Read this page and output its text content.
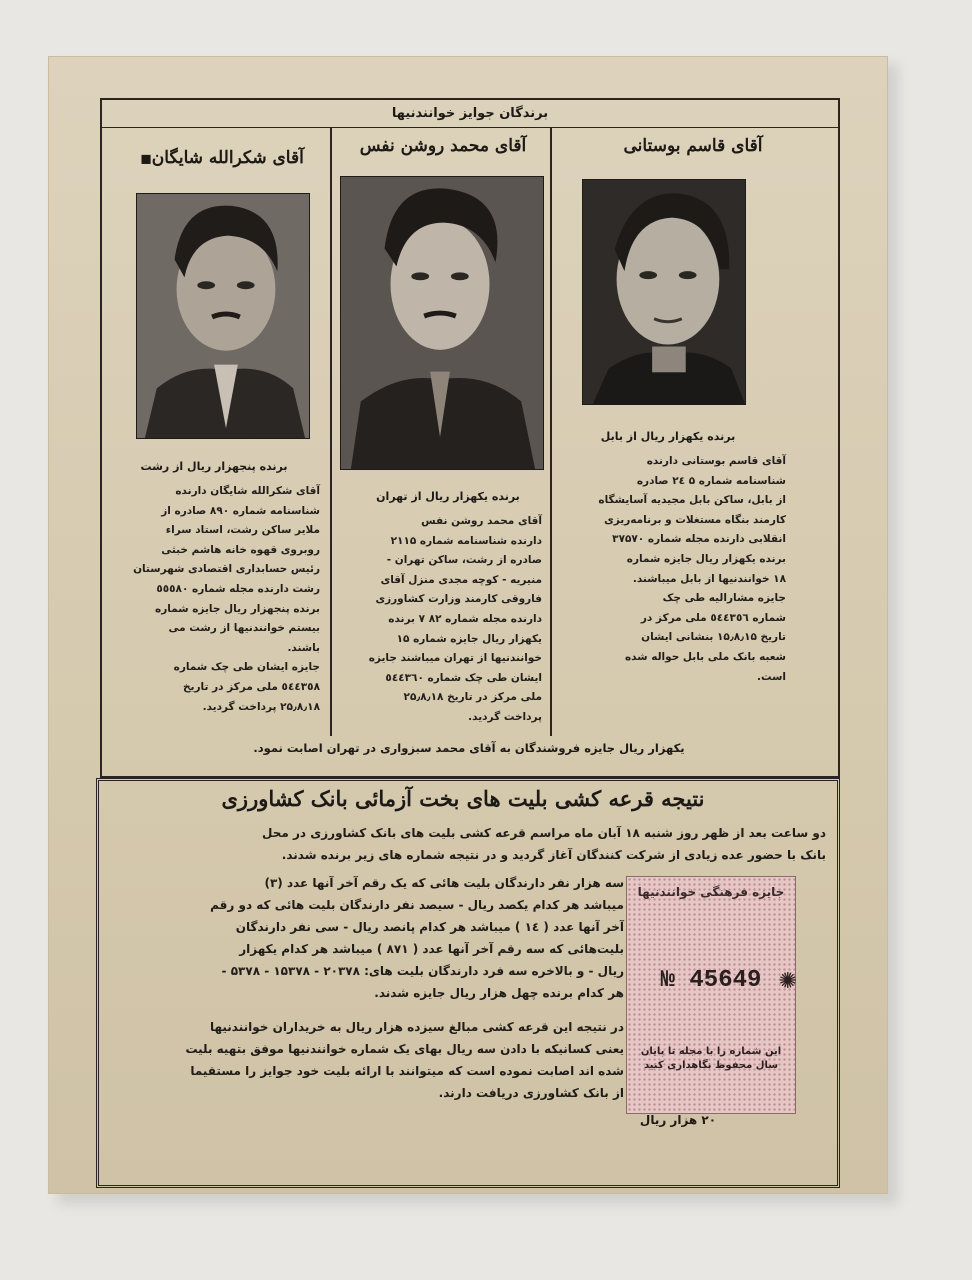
برندگان جوایز خوانندنیها
آقای قاسم بوستانی
آقای محمد روشن نفس
آقای شکرالله شایگان◼
برنده یکهزار ریال از بابل
برنده یکهزار ریال از تهران
برنده پنجهزار ریال از رشت	آقای قاسم بوستانی دارنده

شناسنامه شماره ۵ ۲٤ صادره

از بابل، ساکن بابل مجیدیه آسایشگاه

کارمند بنگاه مستغلات و برنامه‌ریزی

انقلابی دارنده مجله شماره ۳۷۵۷۰

برنده یکهزار ریال جایزه شماره

۱۸ خوانندنیها از بابل میباشند.

جایزه مشارالیه طی چک

شماره ٥٤٤٣٥٦ ملی مرکز در

تاریخ ۱۵٫۸٫۱۵ بنشانی ایشان

شعبه بانک ملی بابل حواله شده

است.

آقای محمد روشن نفس

دارنده شناسنامه شماره ۲۱۱۵

صادره از رشت، ساکن تهران -

منیریه - کوچه مجدی منزل آقای

فاروقی کارمند وزارت کشاورزی

دارنده مجله شماره ۸۲ ۷ برنده

یکهزار ریال جایزه شماره ۱۵

خوانندنیها از تهران میباشند جایزه

ایشان طی چک شماره ٥٤٤٣٦٠

ملی مرکز در تاریخ ۲۵٫۸٫۱۸

پرداخت گردید.

آقای شکرالله شایگان دارنده

شناسنامه شماره ۸۹۰ صادره از

ملایر ساکن رشت، استاد سراء

روبروی قهوه خانه هاشم خبثی

رئیس حسابداری اقتصادی شهرستان

رشت دارنده مجله شماره ٥٥٥٨۰

برنده پنجهزار ریال جایزه شماره

بیستم خوانندنیها از رشت می

باشند.

جایزه ایشان طی چک شماره

٥٤٤٣٥٨ ملی مرکز در تاریخ

۲۵٫۸٫۱۸ پرداخت گردید.

یکهزار ریال جایزه فروشندگان به آقای محمد سبزواری در تهران اصابت نمود.
نتیجه قرعه کشی بلیت های بخت آزمائی بانک کشاورزی

دو ساعت بعد از ظهر روز شنبه ۱۸ آبان ماه مراسم قرعه کشی بلیت های بانک کشاورزی در محل

بانک با حضور عده زیادی از شرکت کنندگان آغاز گردید و در نتیجه شماره های زیر برنده شدند.

سه هزار نفر دارندگان بلیت هائی که یک رقم آخر آنها عدد (۳)

میباشد هر کدام یکصد ریال - سیصد نفر دارندگان بلیت هائی که دو رقم

آخر آنها عدد ( ۱٤ ) میباشد هر کدام پانصد ریال - سی نفر دارندگان

بلیت‌هائی که سه رقم آخر آنها عدد ( ۸۷۱ ) میباشد هر کدام یکهزار

ریال - و بالاخره سه فرد دارندگان بلیت های: ۲۰۳۷۸ - ۱۵۳۷۸ - ۵۳۷۸ -

هر کدام برنده چهل هزار ریال جایزه شدند.

در نتیجه این قرعه کشی مبالغ سیزده هزار ریال به خریداران خوانندنیها

یعنی کسانیکه با دادن سه ریال بهای یک شماره خوانندنیها موفق بتهیه بلیت

شده اند اصابت نموده است که میتوانند با ارائه بلیت خود جوایز را مستقیما

از بانک کشاورزی دریافت دارند.

جایزه فرهنگی خوانندنیها
№ 45649 ✺
این شماره را با مجله تا پایان سال محفوظ نگاهداری کنید
۲۰ هزار ریال
